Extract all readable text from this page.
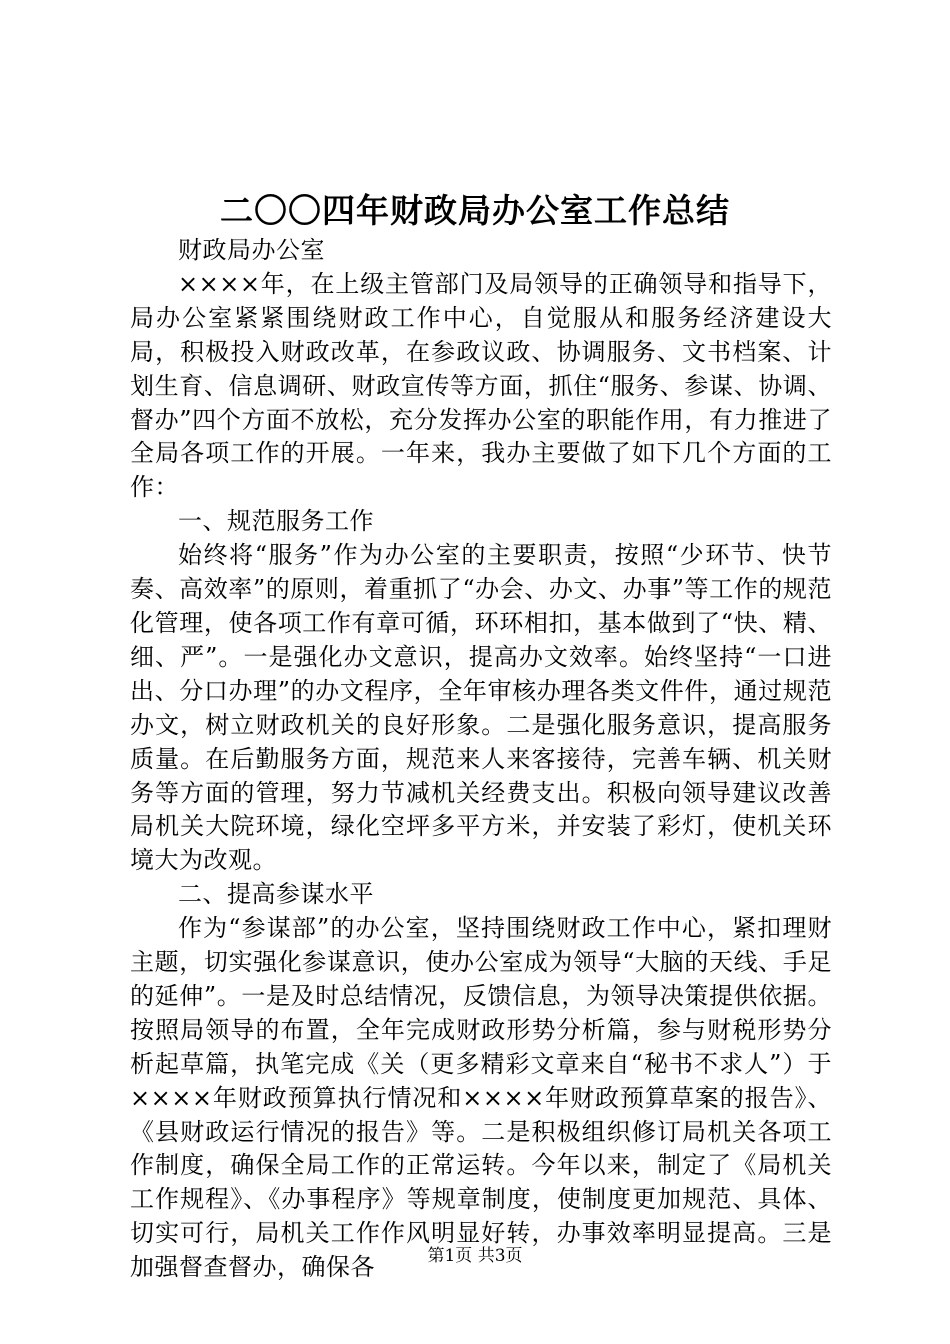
二〇〇四年财政局办公室工作总结

财政局办公室

××××年，在上级主管部门及局领导的正确领导和指导下，局办公室紧紧围绕财政工作中心，自觉服从和服务经济建设大局，积极投入财政改革，在参政议政、协调服务、文书档案、计划生育、信息调研、财政宣传等方面，抓住“服务、参谋、协调、督办”四个方面不放松，充分发挥办公室的职能作用，有力推进了全局各项工作的开展。一年来，我办主要做了如下几个方面的工作：

一、规范服务工作

始终将“服务”作为办公室的主要职责，按照“少环节、快节奏、高效率”的原则，着重抓了“办会、办文、办事”等工作的规范化管理，使各项工作有章可循，环环相扣，基本做到了“快、精、细、严”。一是强化办文意识，提高办文效率。始终坚持“一口进出、分口办理”的办文程序，全年审核办理各类文件件，通过规范办文，树立财政机关的良好形象。二是强化服务意识，提高服务质量。在后勤服务方面，规范来人来客接待，完善车辆、机关财务等方面的管理，努力节减机关经费支出。积极向领导建议改善局机关大院环境，绿化空坪多平方米，并安装了彩灯，使机关环境大为改观。

二、提高参谋水平

作为“参谋部”的办公室，坚持围绕财政工作中心，紧扣理财主题，切实强化参谋意识，使办公室成为领导“大脑的天线、手足的延伸”。一是及时总结情况，反馈信息，为领导决策提供依据。按照局领导的布置，全年完成财政形势分析篇，参与财税形势分析起草篇，执笔完成《关（更多精彩文章来自“秘书不求人”）于××××年财政预算执行情况和××××年财政预算草案的报告》、《县财政运行情况的报告》等。二是积极组织修订局机关各项工作制度，确保全局工作的正常运转。今年以来，制定了《局机关工作规程》、《办事程序》等规章制度，使制度更加规范、具体、切实可行，局机关工作作风明显好转，办事效率明显提高。三是加强督查督办，确保各	第1页 共3页
